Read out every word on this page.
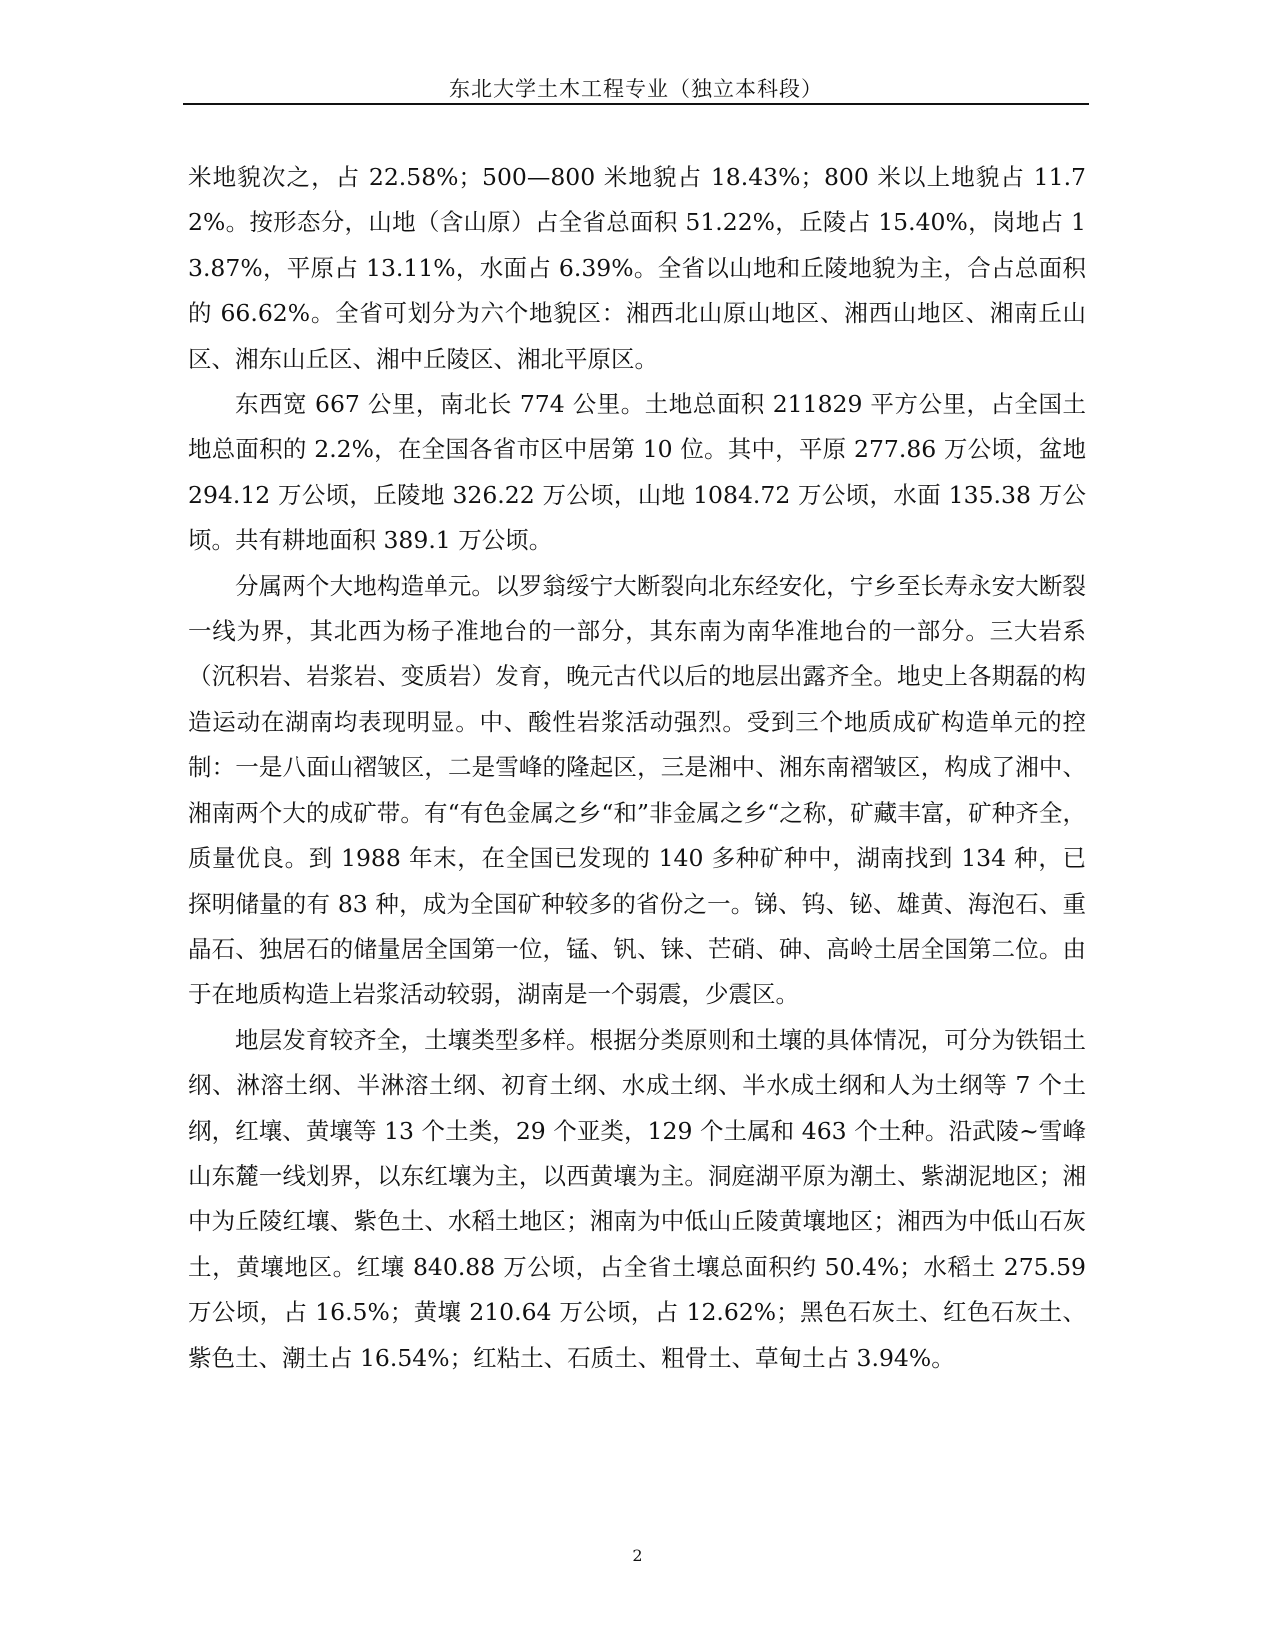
东北大学土木工程专业（独立本科段）

米地貌次之，占 22.58%；500—800 米地貌占 18.43%；800 米以上地貌占 11.72%。按形态分，山地（含山原）占全省总面积 51.22%，丘陵占 15.40%，岗地占 13.87%，平原占 13.11%，水面占 6.39%。全省以山地和丘陵地貌为主，合占总面积的 66.62%。全省可划分为六个地貌区：湘西北山原山地区、湘西山地区、湘南丘山区、湘东山丘区、湘中丘陵区、湘北平原区。

东西宽 667 公里，南北长 774 公里。土地总面积 211829 平方公里，占全国土地总面积的 2.2%，在全国各省市区中居第 10 位。其中，平原 277.86 万公顷，盆地 294.12 万公顷，丘陵地 326.22 万公顷，山地 1084.72 万公顷，水面 135.38 万公顷。共有耕地面积 389.1 万公顷。

分属两个大地构造单元。以罗翁绥宁大断裂向北东经安化，宁乡至长寿永安大断裂一线为界，其北西为杨子准地台的一部分，其东南为南华准地台的一部分。三大岩系（沉积岩、岩浆岩、变质岩）发育，晚元古代以后的地层出露齐全。地史上各期磊的构造运动在湖南均表现明显。中、酸性岩浆活动强烈。受到三个地质成矿构造单元的控制：一是八面山褶皱区，二是雪峰的隆起区，三是湘中、湘东南褶皱区，构成了湘中、湘南两个大的成矿带。有“有色金属之乡“和”非金属之乡“之称，矿藏丰富，矿种齐全，质量优良。到 1988 年末，在全国已发现的 140 多种矿种中，湖南找到 134 种，已探明储量的有 83 种，成为全国矿种较多的省份之一。锑、钨、铋、雄黄、海泡石、重晶石、独居石的储量居全国第一位，锰、钒、铼、芒硝、砷、高岭土居全国第二位。由于在地质构造上岩浆活动较弱，湖南是一个弱震，少震区。

地层发育较齐全，土壤类型多样。根据分类原则和土壤的具体情况，可分为铁铝土纲、淋溶土纲、半淋溶土纲、初育土纲、水成土纲、半水成土纲和人为土纲等 7 个土纲，红壤、黄壤等 13 个土类，29 个亚类，129 个土属和 463 个土种。沿武陵~雪峰山东麓一线划界，以东红壤为主，以西黄壤为主。洞庭湖平原为潮土、紫湖泥地区；湘中为丘陵红壤、紫色土、水稻土地区；湘南为中低山丘陵黄壤地区；湘西为中低山石灰土，黄壤地区。红壤 840.88 万公顷，占全省土壤总面积约 50.4%；水稻土 275.59 万公顷，占 16.5%；黄壤 210.64 万公顷，占 12.62%；黑色石灰土、红色石灰土、紫色土、潮土占 16.54%；红粘土、石质土、粗骨土、草甸土占 3.94%。

2
